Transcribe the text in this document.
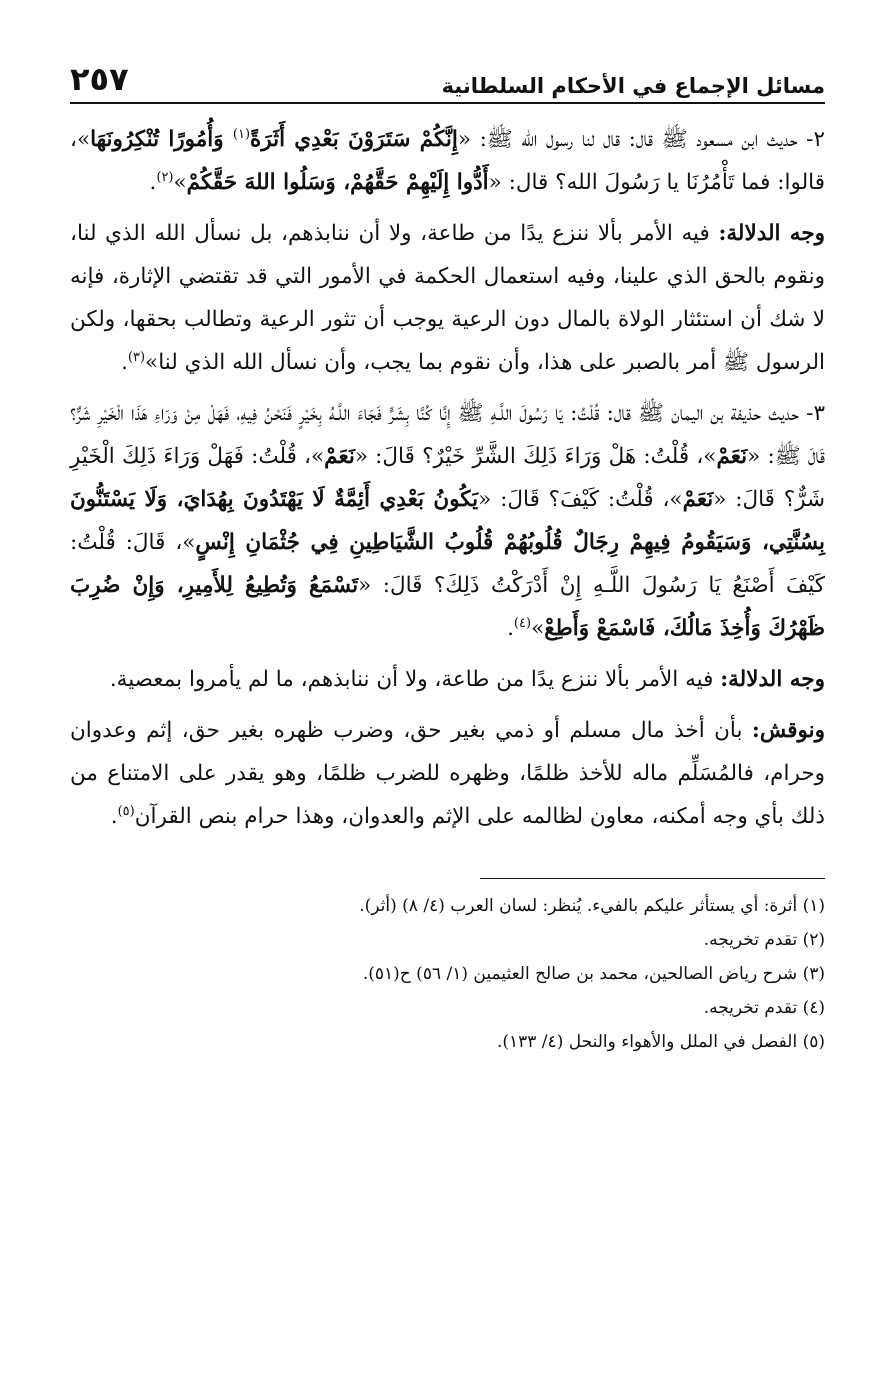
مسائل الإجماع في الأحكام السلطانية
٢٥٧

٢- حديث ابن مسعود ﷺ قال: قال لنا رسول الله ﷺ: «إِنَّكُمْ سَتَرَوْنَ بَعْدِي أَثَرَةً$^{(١)}$ وَأُمُورًا تُنْكِرُونَهَا»، قالوا: فما تَأْمُرُنَا يا رَسُولَ الله؟ قال: «أَدُّوا إِلَيْهِمْ حَقَّهُمْ، وَسَلُوا اللهَ حَقَّكُمْ»$^{(٢)}$.

وجه الدلالة: فيه الأمر بألا ننزع يدًا من طاعة، ولا أن ننابذهم، بل نسأل الله الذي لنا، ونقوم بالحق الذي علينا، وفيه استعمال الحكمة في الأمور التي قد تقتضي الإثارة، فإنه لا شك أن استئثار الولاة بالمال دون الرعية يوجب أن تثور الرعية وتطالب بحقها، ولكن الرسول ﷺ أمر بالصبر على هذا، وأن نقوم بما يجب، وأن نسأل الله الذي لنا»$^{(٣)}$.

٣- حديث حذيفة بن اليمان ﷺ قال: قُلْتُ: يَا رَسُولَ اللَّـهِ ﷺ إِنَّا كُنَّا بِشَرٍّ فَجَاءَ اللَّـهُ بِخَيْرٍ فَنَحْنُ فِيهِ، فَهَلْ مِنْ وَرَاءِ هَذَا الْخَيْرِ شَرٌّ؟ قَالَ ﷺ: «نَعَمْ»، قُلْتُ: هَلْ وَرَاءَ ذَلِكَ الشَّرِّ خَيْرٌ؟ قَالَ: «نَعَمْ»، قُلْتُ: فَهَلْ وَرَاءَ ذَلِكَ الْخَيْرِ شَرٌّ؟ قَالَ: «نَعَمْ»، قُلْتُ: كَيْفَ؟ قَالَ: «يَكُونُ بَعْدِي أَئِمَّةٌ لَا يَهْتَدُونَ بِهُدَايَ، وَلَا يَسْتَنُّونَ بِسُنَّتِي، وَسَيَقُومُ فِيهِمْ رِجَالٌ قُلُوبُهُمْ قُلُوبُ الشَّيَاطِينِ فِي جُثْمَانِ إِنْسٍ»، قَالَ: قُلْتُ: كَيْفَ أَصْنَعُ يَا رَسُولَ اللَّـهِ إِنْ أَدْرَكْتُ ذَلِكَ؟ قَالَ: «تَسْمَعُ وَتُطِيعُ لِلأَمِيرِ، وَإِنْ ضُرِبَ ظَهْرُكَ وَأُخِذَ مَالُكَ، فَاسْمَعْ وَأَطِعْ»$^{(٤)}$.

وجه الدلالة: فيه الأمر بألا ننزع يدًا من طاعة، ولا أن ننابذهم، ما لم يأمروا بمعصية.

ونوقش: بأن أخذ مال مسلم أو ذمي بغير حق، وضرب ظهره بغير حق، إثم وعدوان وحرام، فالمُسَلِّم ماله للأخذ ظلمًا، وظهره للضرب ظلمًا، وهو يقدر على الامتناع من ذلك بأي وجه أمكنه، معاون لظالمه على الإثم والعدوان، وهذا حرام بنص القرآن$^{(٥)}$.

(١) أثرة: أي يستأثر عليكم بالفيء. يُنظر: لسان العرب (٤/ ٨) (أثر).
(٢) تقدم تخريجه.
(٣) شرح رياض الصالحين، محمد بن صالح العثيمين (١/ ٥٦) ح(٥١).
(٤) تقدم تخريجه.
(٥) الفصل في الملل والأهواء والنحل (٤/ ١٣٣).
